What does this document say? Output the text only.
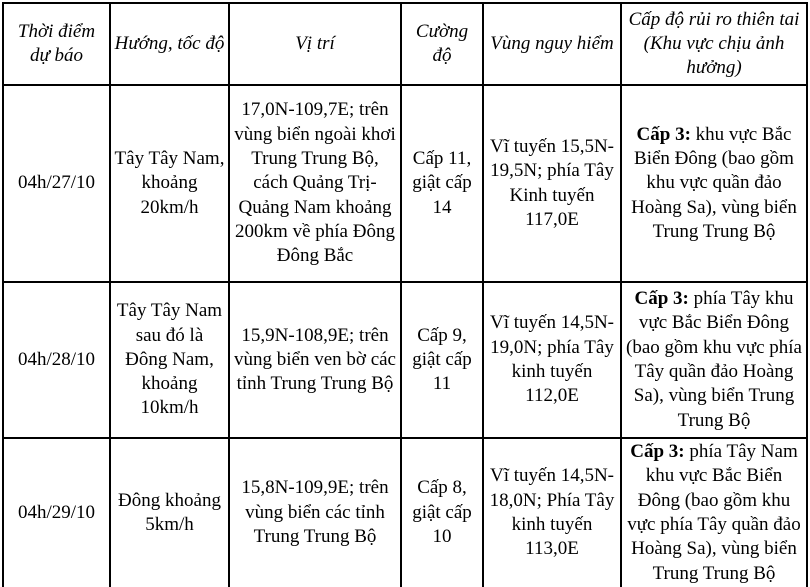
Thời điểm dự báo	Hướng, tốc độ	Vị trí	Cường độ	Vùng nguy hiểm	Cấp độ rủi ro thiên tai (Khu vực chịu ảnh hưởng)
04h/27/10	Tây Tây Nam, khoảng 20km/h	17,0N-109,7E; trên vùng biển ngoài khơi Trung Trung Bộ, cách Quảng Trị-Quảng Nam khoảng 200km về phía Đông Đông Bắc	Cấp 11, giật cấp 14	Vĩ tuyến 15,5N-19,5N; phía Tây Kinh tuyến 117,0E	Cấp 3: khu vực Bắc Biển Đông (bao gồm khu vực quần đảo Hoàng Sa), vùng biển Trung Trung Bộ
04h/28/10	Tây Tây Nam sau đó là Đông Nam, khoảng 10km/h	15,9N-108,9E; trên vùng biển ven bờ các tỉnh Trung Trung Bộ	Cấp 9, giật cấp 11	Vĩ tuyến 14,5N-19,0N; phía Tây kinh tuyến 112,0E	Cấp 3: phía Tây khu vực Bắc Biển Đông (bao gồm khu vực phía Tây quần đảo Hoàng Sa), vùng biển Trung Trung Bộ
04h/29/10	Đông khoảng 5km/h	15,8N-109,9E; trên vùng biển các tỉnh Trung Trung Bộ	Cấp 8, giật cấp 10	Vĩ tuyến 14,5N-18,0N; Phía Tây kinh tuyến 113,0E	Cấp 3: phía Tây Nam khu vực Bắc Biển Đông (bao gồm khu vực phía Tây quần đảo Hoàng Sa), vùng biển Trung Trung Bộ
